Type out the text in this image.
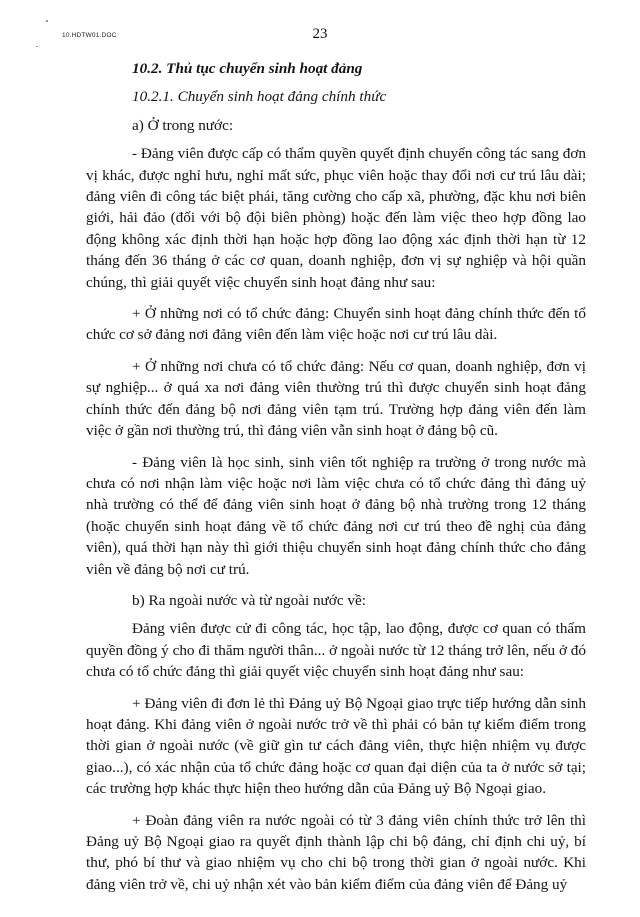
10.HDTW01.DOC	23

10.2. Thủ tục chuyển sinh hoạt đảng

10.2.1. Chuyển sinh hoạt đảng chính thức

a) Ở trong nước:

- Đảng viên được cấp có thẩm quyền quyết định chuyển công tác sang đơn vị khác, được nghỉ hưu, nghỉ mất sức, phục viên hoặc thay đổi nơi cư trú lâu dài; đảng viên đi công tác biệt phái, tăng cường cho cấp xã, phường, đặc khu nơi biên giới, hải đảo (đối với bộ đội biên phòng) hoặc đến làm việc theo hợp đồng lao động không xác định thời hạn hoặc hợp đồng lao động xác định thời hạn từ 12 tháng đến 36 tháng ở các cơ quan, doanh nghiệp, đơn vị sự nghiệp và hội quần chúng, thì giải quyết việc chuyển sinh hoạt đảng như sau:

+ Ở những nơi có tổ chức đảng: Chuyển sinh hoạt đảng chính thức đến tổ chức cơ sở đảng nơi đảng viên đến làm việc hoặc nơi cư trú lâu dài.

+ Ở những nơi chưa có tổ chức đảng: Nếu cơ quan, doanh nghiệp, đơn vị sự nghiệp... ở quá xa nơi đảng viên thường trú thì được chuyển sinh hoạt đảng chính thức đến đảng bộ nơi đảng viên tạm trú. Trường hợp đảng viên đến làm việc ở gần nơi thường trú, thì đảng viên vẫn sinh hoạt ở đảng bộ cũ.

- Đảng viên là học sinh, sinh viên tốt nghiệp ra trường ở trong nước mà chưa có nơi nhận làm việc hoặc nơi làm việc chưa có tổ chức đảng thì đảng uỷ nhà trường có thể để đảng viên sinh hoạt ở đảng bộ nhà trường trong 12 tháng (hoặc chuyển sinh hoạt đảng về tổ chức đảng nơi cư trú theo đề nghị của đảng viên), quá thời hạn này thì giới thiệu chuyển sinh hoạt đảng chính thức cho đảng viên về đảng bộ nơi cư trú.

b) Ra ngoài nước và từ ngoài nước về:

Đảng viên được cử đi công tác, học tập, lao động, được cơ quan có thẩm quyền đồng ý cho đi thăm người thân... ở ngoài nước từ 12 tháng trở lên, nếu ở đó chưa có tổ chức đảng thì giải quyết việc chuyển sinh hoạt đảng như sau:

+ Đảng viên đi đơn lẻ thì Đảng uỷ Bộ Ngoại giao trực tiếp hướng dẫn sinh hoạt đảng. Khi đảng viên ở ngoài nước trở về thì phải có bản tự kiểm điểm trong thời gian ở ngoài nước (về giữ gìn tư cách đảng viên, thực hiện nhiệm vụ được giao...), có xác nhận của tổ chức đảng hoặc cơ quan đại diện của ta ở nước sở tại; các trường hợp khác thực hiện theo hướng dẫn của Đảng uỷ Bộ Ngoại giao.

+ Đoàn đảng viên ra nước ngoài có từ 3 đảng viên chính thức trở lên thì Đảng uỷ Bộ Ngoại giao ra quyết định thành lập chi bộ đảng, chỉ định chi uỷ, bí thư, phó bí thư và giao nhiệm vụ cho chi bộ trong thời gian ở ngoài nước. Khi đảng viên trở về, chi uỷ nhận xét vào bản kiểm điểm của đảng viên để Đảng uỷ
